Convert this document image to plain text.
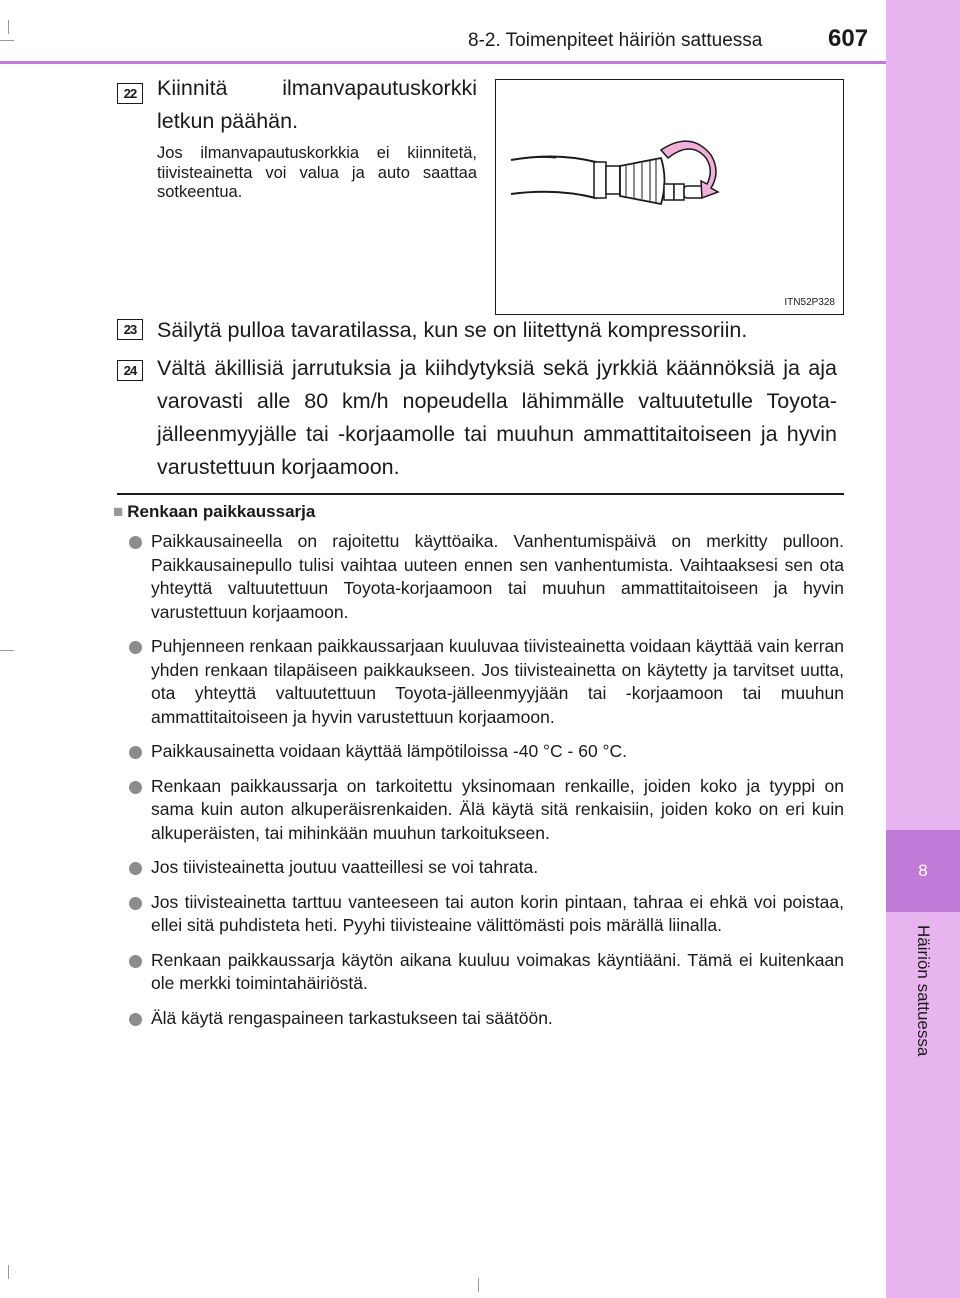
8
Häiriön sattuessa
8-2. Toimenpiteet häiriön sattuessa	607
22 Kiinnitä ilmanvapautuskorkki letkun päähän.
Jos ilmanvapautuskorkkia ei kiinnitetä, tiivisteainetta voi valua ja auto saattaa sotkeentua.
ITN52P328
23 Säilytä pulloa tavaratilassa, kun se on liitettynä kompressoriin.
24 Vältä äkillisiä jarrutuksia ja kiihdytyksiä sekä jyrkkiä käännöksiä ja aja varovasti alle 80 km/h nopeudella lähimmälle valtuutetulle Toyota-jälleenmyyjälle tai -korjaamolle tai muuhun ammattitaitoiseen ja hyvin varustettuun korjaamoon.
■ Renkaan paikkaussarja
Paikkausaineella on rajoitettu käyttöaika. Vanhentumispäivä on merkitty pulloon. Paikkausainepullo tulisi vaihtaa uuteen ennen sen vanhentumista. Vaihtaaksesi sen ota yhteyttä valtuutettuun Toyota-korjaamoon tai muuhun ammattitaitoiseen ja hyvin varustettuun korjaamoon.
Puhjenneen renkaan paikkaussarjaan kuuluvaa tiivisteainetta voidaan käyttää vain kerran yhden renkaan tilapäiseen paikkaukseen. Jos tiivisteainetta on käytetty ja tarvitset uutta, ota yhteyttä valtuutettuun Toyota-jälleenmyyjään tai -korjaamoon tai muuhun ammattitaitoiseen ja hyvin varustettuun korjaamoon.
Paikkausainetta voidaan käyttää lämpötiloissa -40 °C - 60 °C.
Renkaan paikkaussarja on tarkoitettu yksinomaan renkaille, joiden koko ja tyyppi on sama kuin auton alkuperäisrenkaiden. Älä käytä sitä renkaisiin, joiden koko on eri kuin alkuperäisten, tai mihinkään muuhun tarkoitukseen.
Jos tiivisteainetta joutuu vaatteillesi se voi tahrata.
Jos tiivisteainetta tarttuu vanteeseen tai auton korin pintaan, tahraa ei ehkä voi poistaa, ellei sitä puhdisteta heti. Pyyhi tiivisteaine välittömästi pois märällä liinalla.
Renkaan paikkaussarja käytön aikana kuuluu voimakas käyntiääni. Tämä ei kuitenkaan ole merkki toimintahäiriöstä.
Älä käytä rengaspaineen tarkastukseen tai säätöön.
